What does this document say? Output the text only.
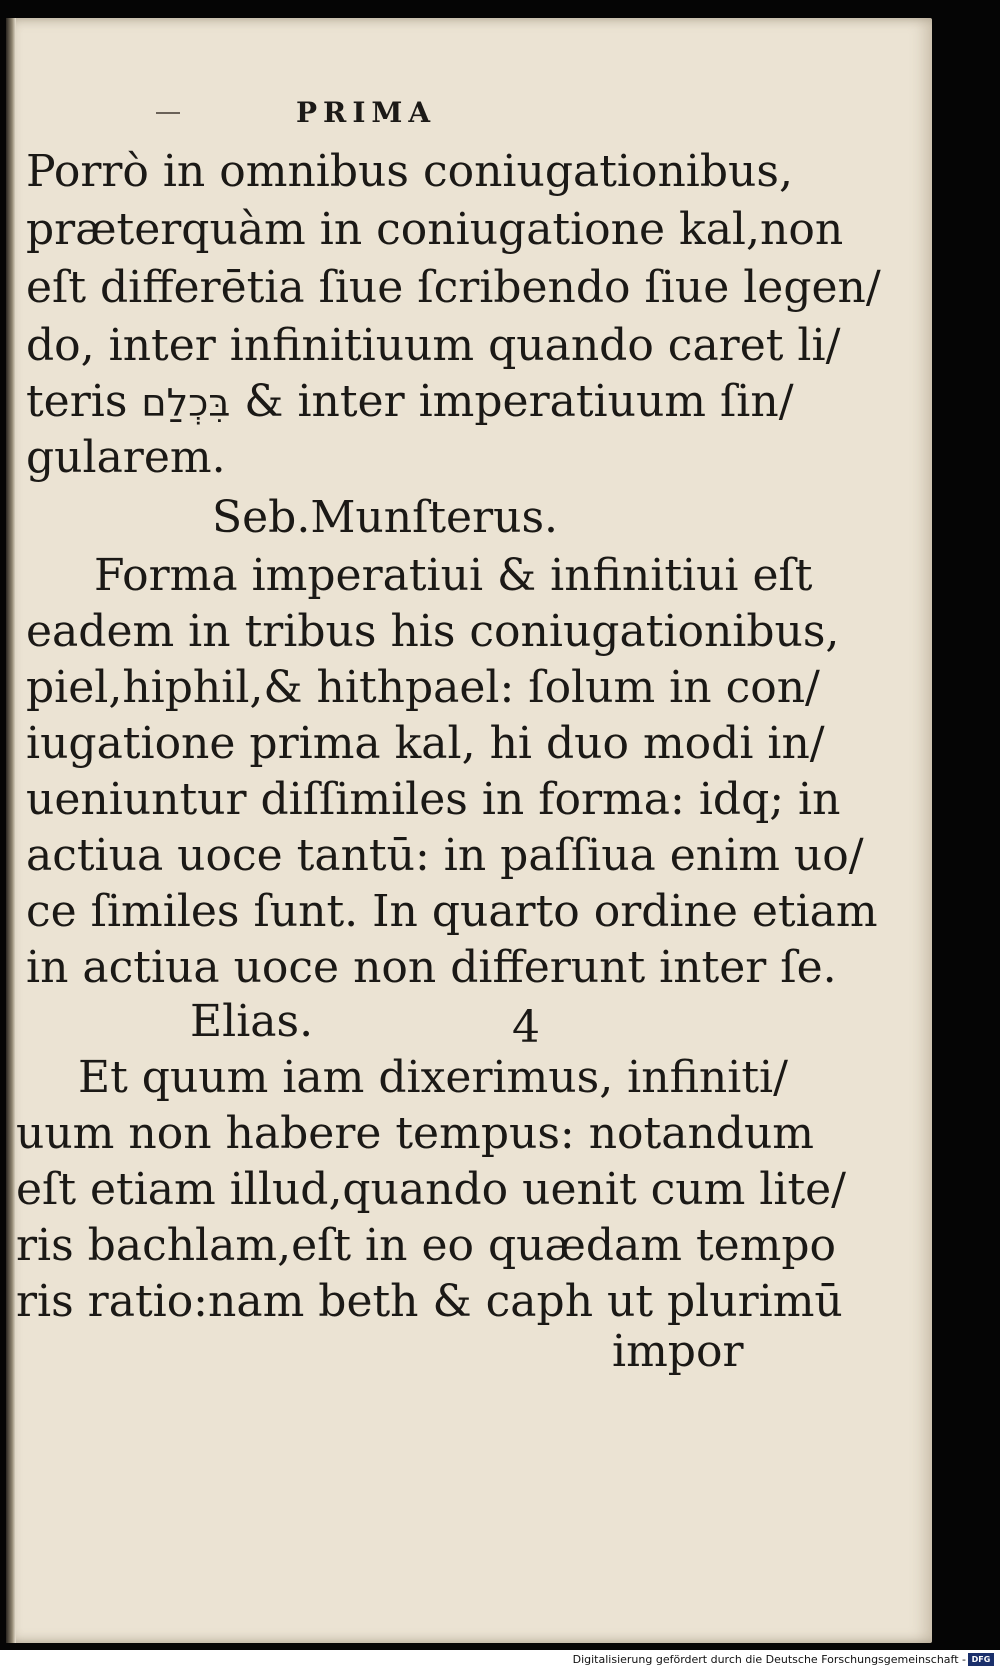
PRIMA
Porrò in omnibus coniugationibus,
præterquàm in coniugatione kal,non
eſt differētia ſiue ſcribendo ſiue legen/
do, inter infinitiuum quando caret li/
teris בִּכְלַם & inter imperatiuum ſin/
gularem.
Seb.Munſterus.
Forma imperatiui & infinitiui eſt
eadem in tribus his coniugationibus,
piel,hiphil,& hithpael: ſolum in con/
iugatione prima kal, hi duo modi in/
ueniuntur diſſimiles in forma: idq; in
actiua uoce tantū: in paſſiua enim uo/
ce ſimiles ſunt. In quarto ordine etiam
in actiua uoce non differunt inter ſe.
Elias.	4
Et quum iam dixerimus, infiniti/
uum non habere tempus: notandum
eſt etiam illud,quando uenit cum lite/
ris bachlam,eſt in eo quædam tempo
ris ratio:nam beth & caph ut plurimū
impor
Digitalisierung gefördert durch die Deutsche Forschungsgemeinschaft - DFG
